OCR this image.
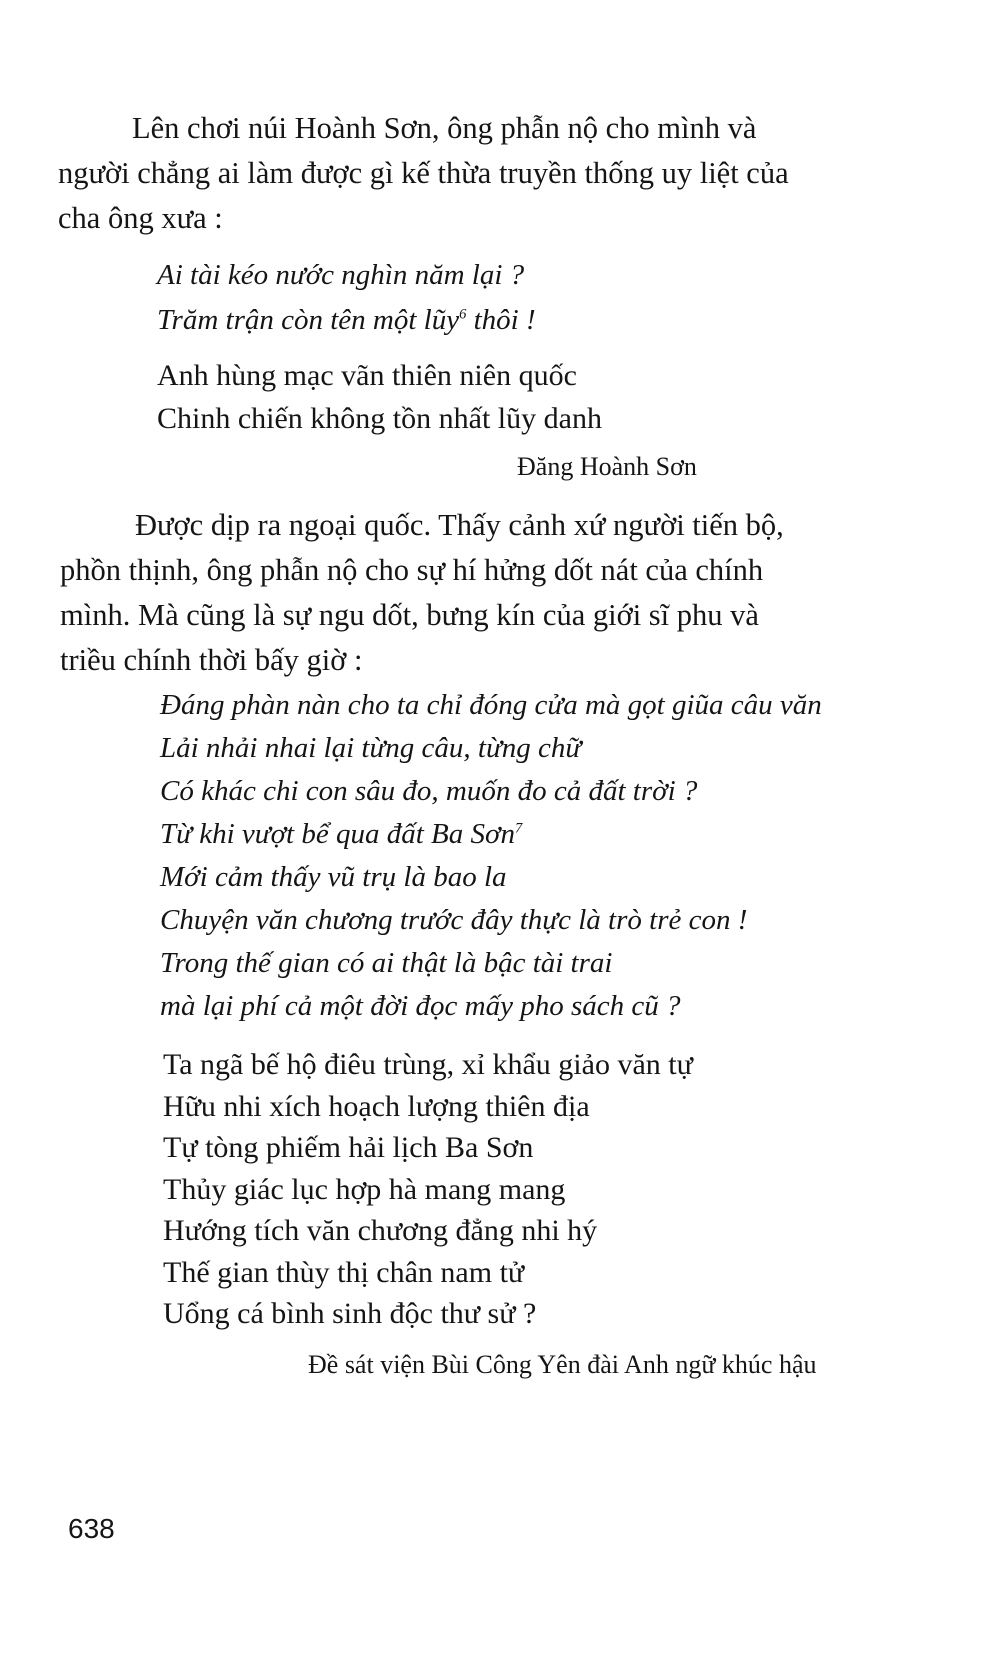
Lên chơi núi Hoành Sơn, ông phẫn nộ cho mình và
người chẳng ai làm được gì kế thừa truyền thống uy liệt của
cha ông xưa :
Ai tài kéo nước nghìn năm lại ?
Trăm trận còn tên một lũy$^6$ thôi !
Anh hùng mạc vãn thiên niên quốc
Chinh chiến không tồn nhất lũy danh

Đăng Hoành Sơn

Được dịp ra ngoại quốc. Thấy cảnh xứ người tiến bộ,
phồn thịnh, ông phẫn nộ cho sự hí hửng dốt nát của chính
mình. Mà cũng là sự ngu dốt, bưng kín của giới sĩ phu và
triều chính thời bấy giờ :
Đáng phàn nàn cho ta chỉ đóng cửa mà gọt giũa câu văn
Lải nhải nhai lại từng câu, từng chữ
Có khác chi con sâu đo, muốn đo cả đất trời ?
Từ khi vượt bể qua đất Ba Sơn$^7$
Mới cảm thấy vũ trụ là bao la
Chuyện văn chương trước đây thực là trò trẻ con !
Trong thế gian có ai thật là bậc tài trai
mà lại phí cả một đời đọc mấy pho sách cũ ?
Ta ngã bế hộ điêu trùng, xỉ khẩu giảo văn tự
Hữu nhi xích hoạch lượng thiên địa
Tự tòng phiếm hải lịch Ba Sơn
Thủy giác lục hợp hà mang mang
Hướng tích văn chương đẳng nhi hý
Thế gian thùy thị chân nam tử
Uổng cá bình sinh độc thư sử ?

Đề sát viện Bùi Công Yên đài Anh ngữ khúc hậu

638
